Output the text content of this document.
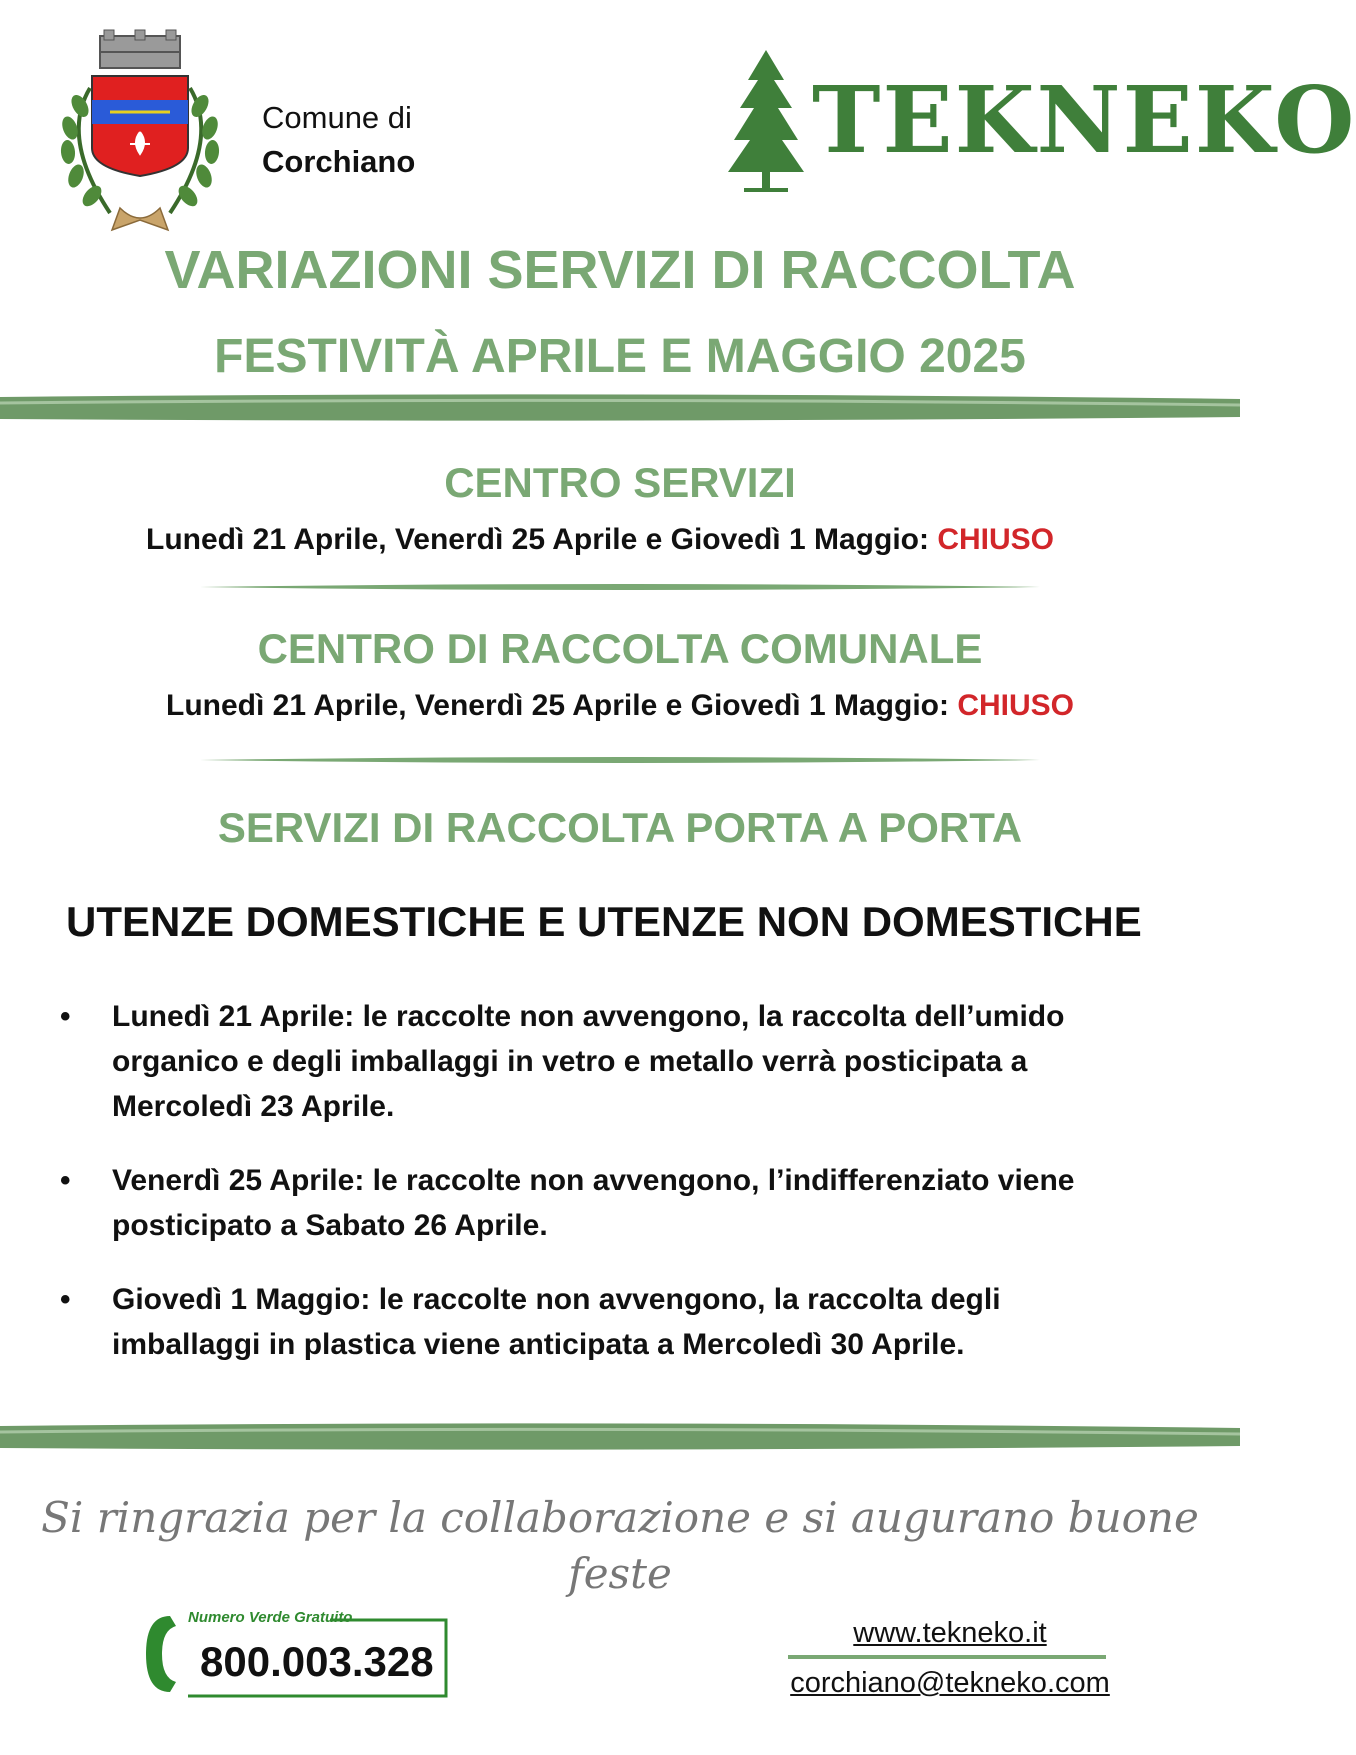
Comune di
Corchiano	TEKNEKO
VARIAZIONI SERVIZI DI RACCOLTA
FESTIVITÀ APRILE E MAGGIO 2025
CENTRO SERVIZI
Lunedì 21 Aprile, Venerdì 25 Aprile e Giovedì 1 Maggio: CHIUSO
CENTRO DI RACCOLTA COMUNALE
Lunedì 21 Aprile, Venerdì 25 Aprile e Giovedì 1 Maggio: CHIUSO
SERVIZI DI RACCOLTA PORTA A PORTA
UTENZE DOMESTICHE E UTENZE NON DOMESTICHE
•	Lunedì 21 Aprile: le raccolte non avvengono, la raccolta dell’umido
organico e degli imballaggi in vetro e metallo verrà posticipata a
Mercoledì 23 Aprile.
•	Venerdì 25 Aprile: le raccolte non avvengono, l’indifferenziato viene
posticipato a Sabato 26 Aprile.
•	Giovedì 1 Maggio: le raccolte non avvengono, la raccolta degli
imballaggi in plastica viene anticipata a Mercoledì 30 Aprile.
Si ringrazia per la collaborazione e si augurano buone feste
Numero Verde Gratuito
800.003.328
www.tekneko.it
corchiano@tekneko.com
